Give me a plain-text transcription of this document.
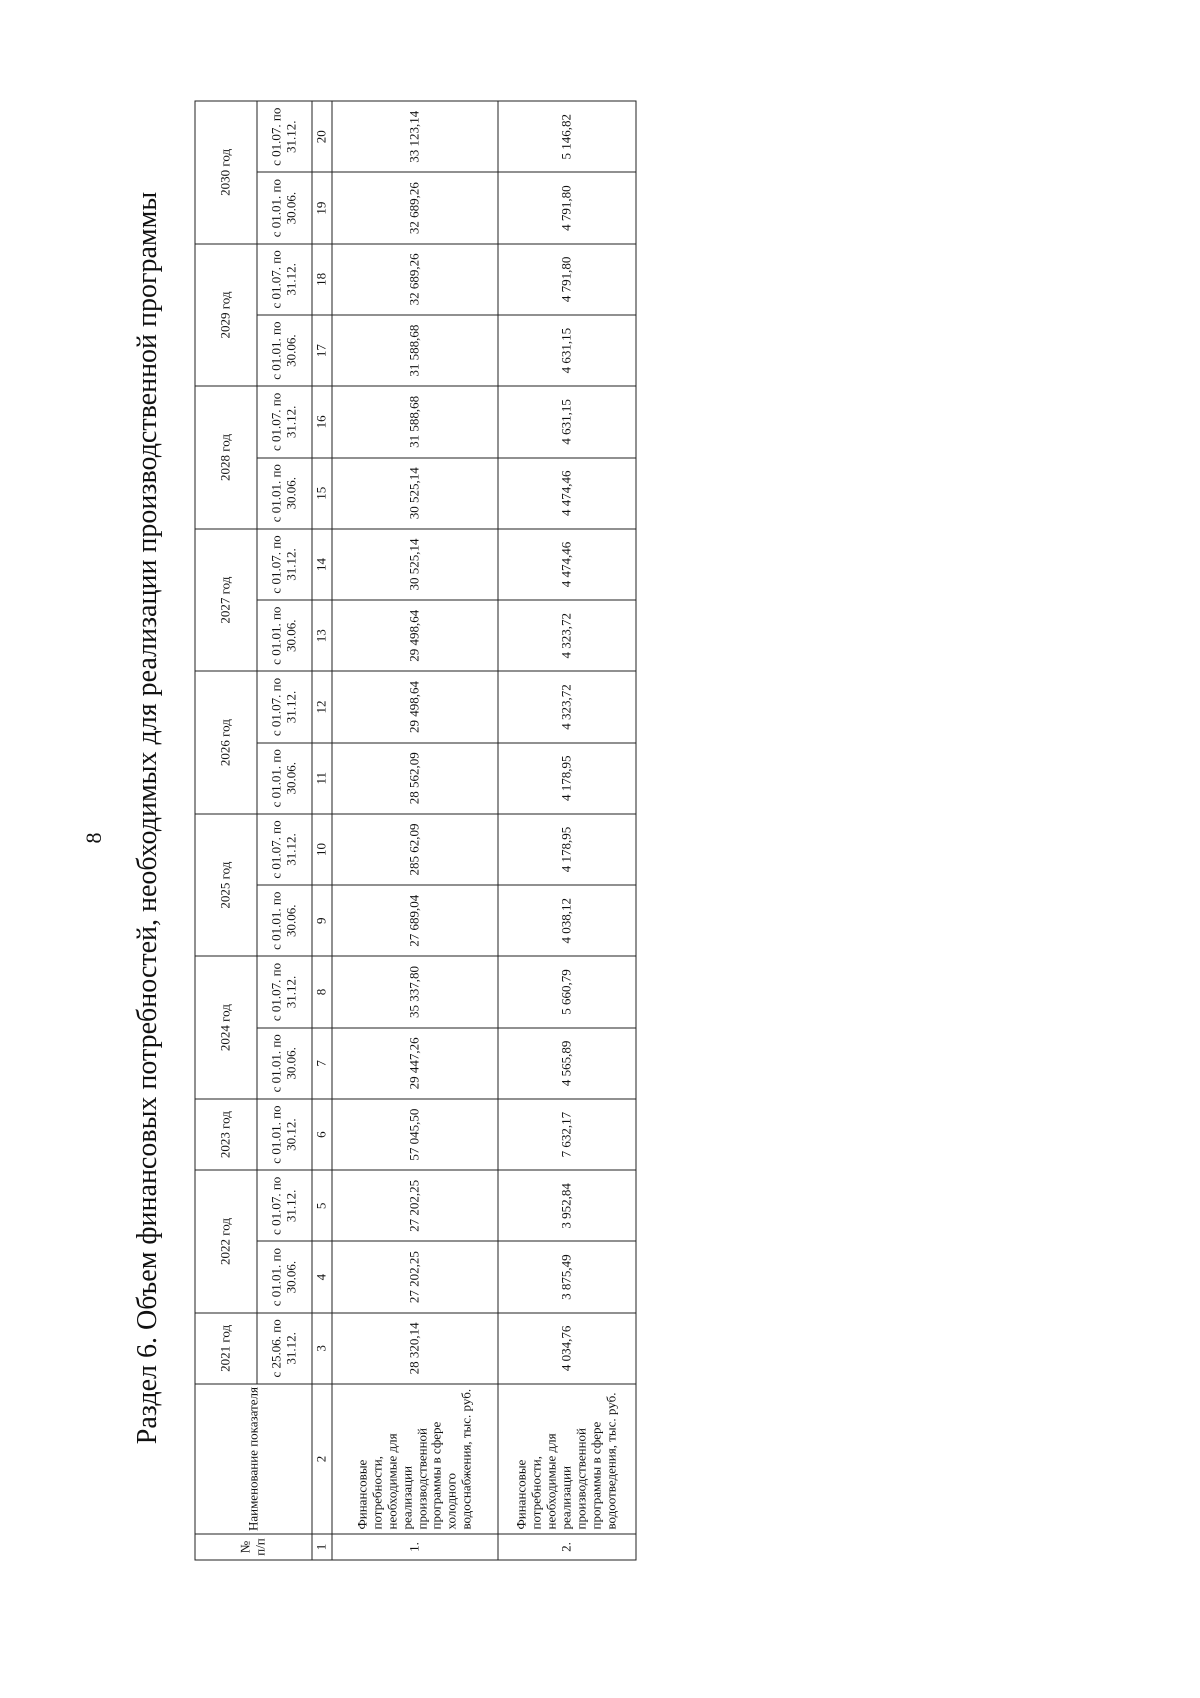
8 Раздел 6. Объем финансовых потребностей, необходимых для реализации производственной программы
№ п/п	Наименование показателя	2021 год	2022 год		2023 год	2024 год		2025 год		2026 год		2027 год		2028 год		2029 год		2030 год	
		с 25.06. по 31.12.	с 01.01. по 30.06.	с 01.07. по 31.12.	с 01.01. по 30.12.	с 01.01. по 30.06.	с 01.07. по 31.12.	с 01.01. по 30.06.	с 01.07. по 31.12.	с 01.01. по 30.06.	с 01.07. по 31.12.	с 01.01. по 30.06.	с 01.07. по 31.12.	с 01.01. по 30.06.	с 01.07. по 31.12.	с 01.01. по 30.06.	с 01.07. по 31.12.	с 01.01. по 30.06.	с 01.07. по 31.12.
1	2	3	4	5	6	7	8	9	10	11	12	13	14	15	16	17	18	19	20
1.	Финансовые потребности, необходимые для реализации производственной программы в сфере холодного водоснабжения, тыс. руб.	28 320,14	27 202,25	27 202,25	57 045,50	29 447,26	35 337,80	27 689,04	285 62,09	28 562,09	29 498,64	29 498,64	30 525,14	30 525,14	31 588,68	31 588,68	32 689,26	32 689,26	33 123,14
2.	Финансовые потребности, необходимые для реализации производственной программы в сфере водоотведения, тыс. руб.	4 034,76	3 875,49	3 952,84	7 632,17	4 565,89	5 660,79	4 038,12	4 178,95	4 178,95	4 323,72	4 323,72	4 474,46	4 474,46	4 631,15	4 631,15	4 791,80	4 791,80	5 146,82
